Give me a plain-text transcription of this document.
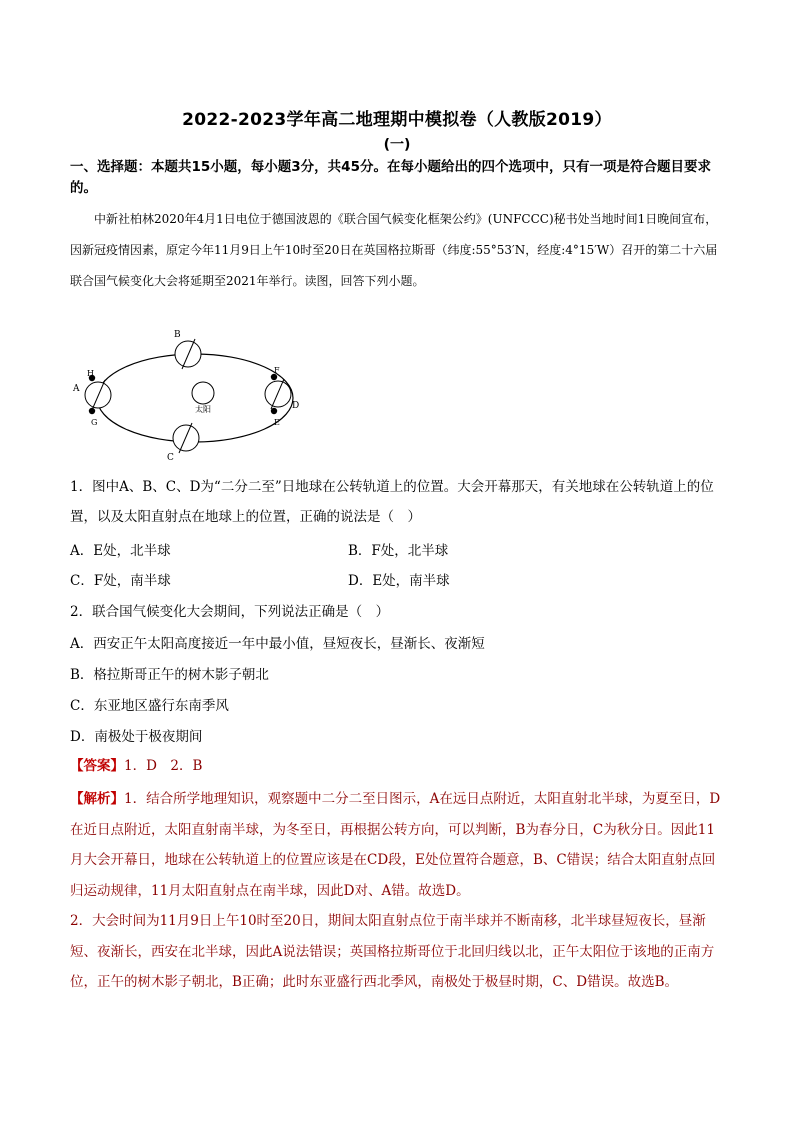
2022-2023学年高二地理期中模拟卷（人教版2019）
(一)
一、选择题：本题共15小题，每小题3分，共45分。在每小题给出的四个选项中，只有一项是符合题目要求的。
中新社柏林2020年4月1日电位于德国波恩的《联合国气候变化框架公约》(UNFCCC)秘书处当地时间1日晚间宣布，因新冠疫情因素，原定今年11月9日上午10时至20日在英国格拉斯哥（纬度:55°53′N，经度:4°15′W）召开的第二十六届联合国气候变化大会将延期至2021年举行。读图，回答下列小题。
太阳
B
C
A
H
G
D
F
E
1．图中A、B、C、D为“二分二至”日地球在公转轨道上的位置。大会开幕那天，有关地球在公转轨道上的位置，以及太阳直射点在地球上的位置，正确的说法是（　）
A．E处，北半球	B．F处，北半球
C．F处，南半球	D．E处，南半球
2．联合国气候变化大会期间，下列说法正确是（　）
A．西安正午太阳高度接近一年中最小值，昼短夜长，昼渐长、夜渐短
B．格拉斯哥正午的树木影子朝北
C．东亚地区盛行东南季风
D．南极处于极夜期间
【答案】1．D　2．B

【解析】1．结合所学地理知识，观察题中二分二至日图示，A在远日点附近，太阳直射北半球，为夏至日，D在近日点附近，太阳直射南半球，为冬至日，再根据公转方向，可以判断，B为春分日，C为秋分日。因此11月大会开幕日，地球在公转轨道上的位置应该是在CD段，E处位置符合题意，B、C错误；结合太阳直射点回归运动规律，11月太阳直射点在南半球，因此D对、A错。故选D。

2．大会时间为11月9日上午10时至20日，期间太阳直射点位于南半球并不断南移，北半球昼短夜长，昼渐短、夜渐长，西安在北半球，因此A说法错误；英国格拉斯哥位于北回归线以北，正午太阳位于该地的正南方位，正午的树木影子朝北，B正确；此时东亚盛行西北季风，南极处于极昼时期，C、D错误。故选B。
